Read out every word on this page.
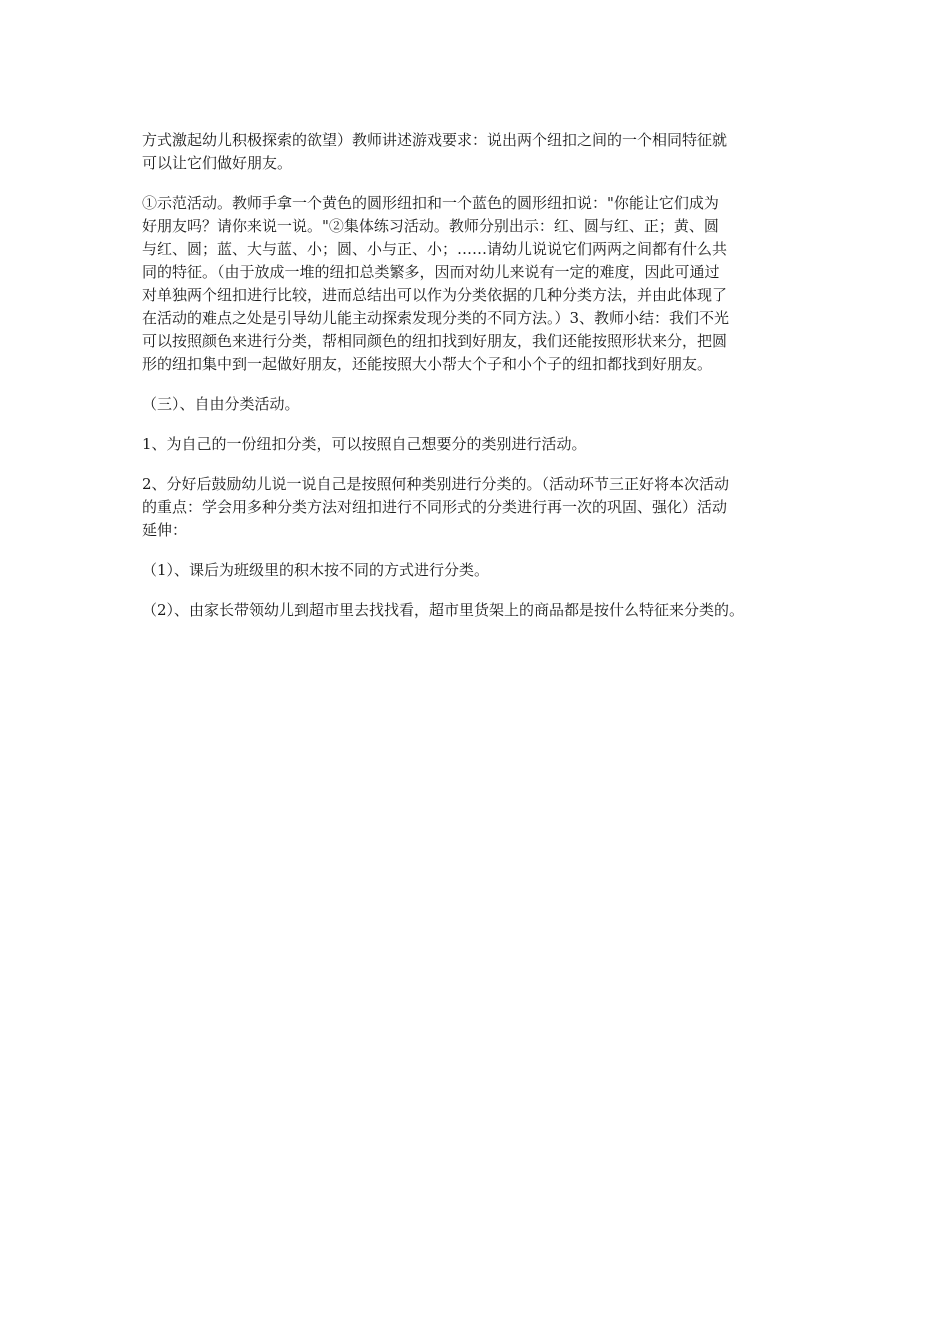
方式激起幼儿积极探索的欲望）教师讲述游戏要求：说出两个纽扣之间的一个相同特征就
可以让它们做好朋友。

①示范活动。教师手拿一个黄色的圆形纽扣和一个蓝色的圆形纽扣说："你能让它们成为
好朋友吗？请你来说一说。"②集体练习活动。教师分别出示：红、圆与红、正；黄、圆
与红、圆；蓝、大与蓝、小；圆、小与正、小；……请幼儿说说它们两两之间都有什么共
同的特征。（由于放成一堆的纽扣总类繁多，因而对幼儿来说有一定的难度，因此可通过
对单独两个纽扣进行比较，进而总结出可以作为分类依据的几种分类方法，并由此体现了
在活动的难点之处是引导幼儿能主动探索发现分类的不同方法。）3、教师小结：我们不光
可以按照颜色来进行分类，帮相同颜色的纽扣找到好朋友，我们还能按照形状来分，把圆
形的纽扣集中到一起做好朋友，还能按照大小帮大个子和小个子的纽扣都找到好朋友。

（三）、自由分类活动。

1、为自己的一份纽扣分类，可以按照自己想要分的类别进行活动。

2、分好后鼓励幼儿说一说自己是按照何种类别进行分类的。（活动环节三正好将本次活动
的重点：学会用多种分类方法对纽扣进行不同形式的分类进行再一次的巩固、强化）活动
延伸：

（1）、课后为班级里的积木按不同的方式进行分类。

（2）、由家长带领幼儿到超市里去找找看，超市里货架上的商品都是按什么特征来分类的。
